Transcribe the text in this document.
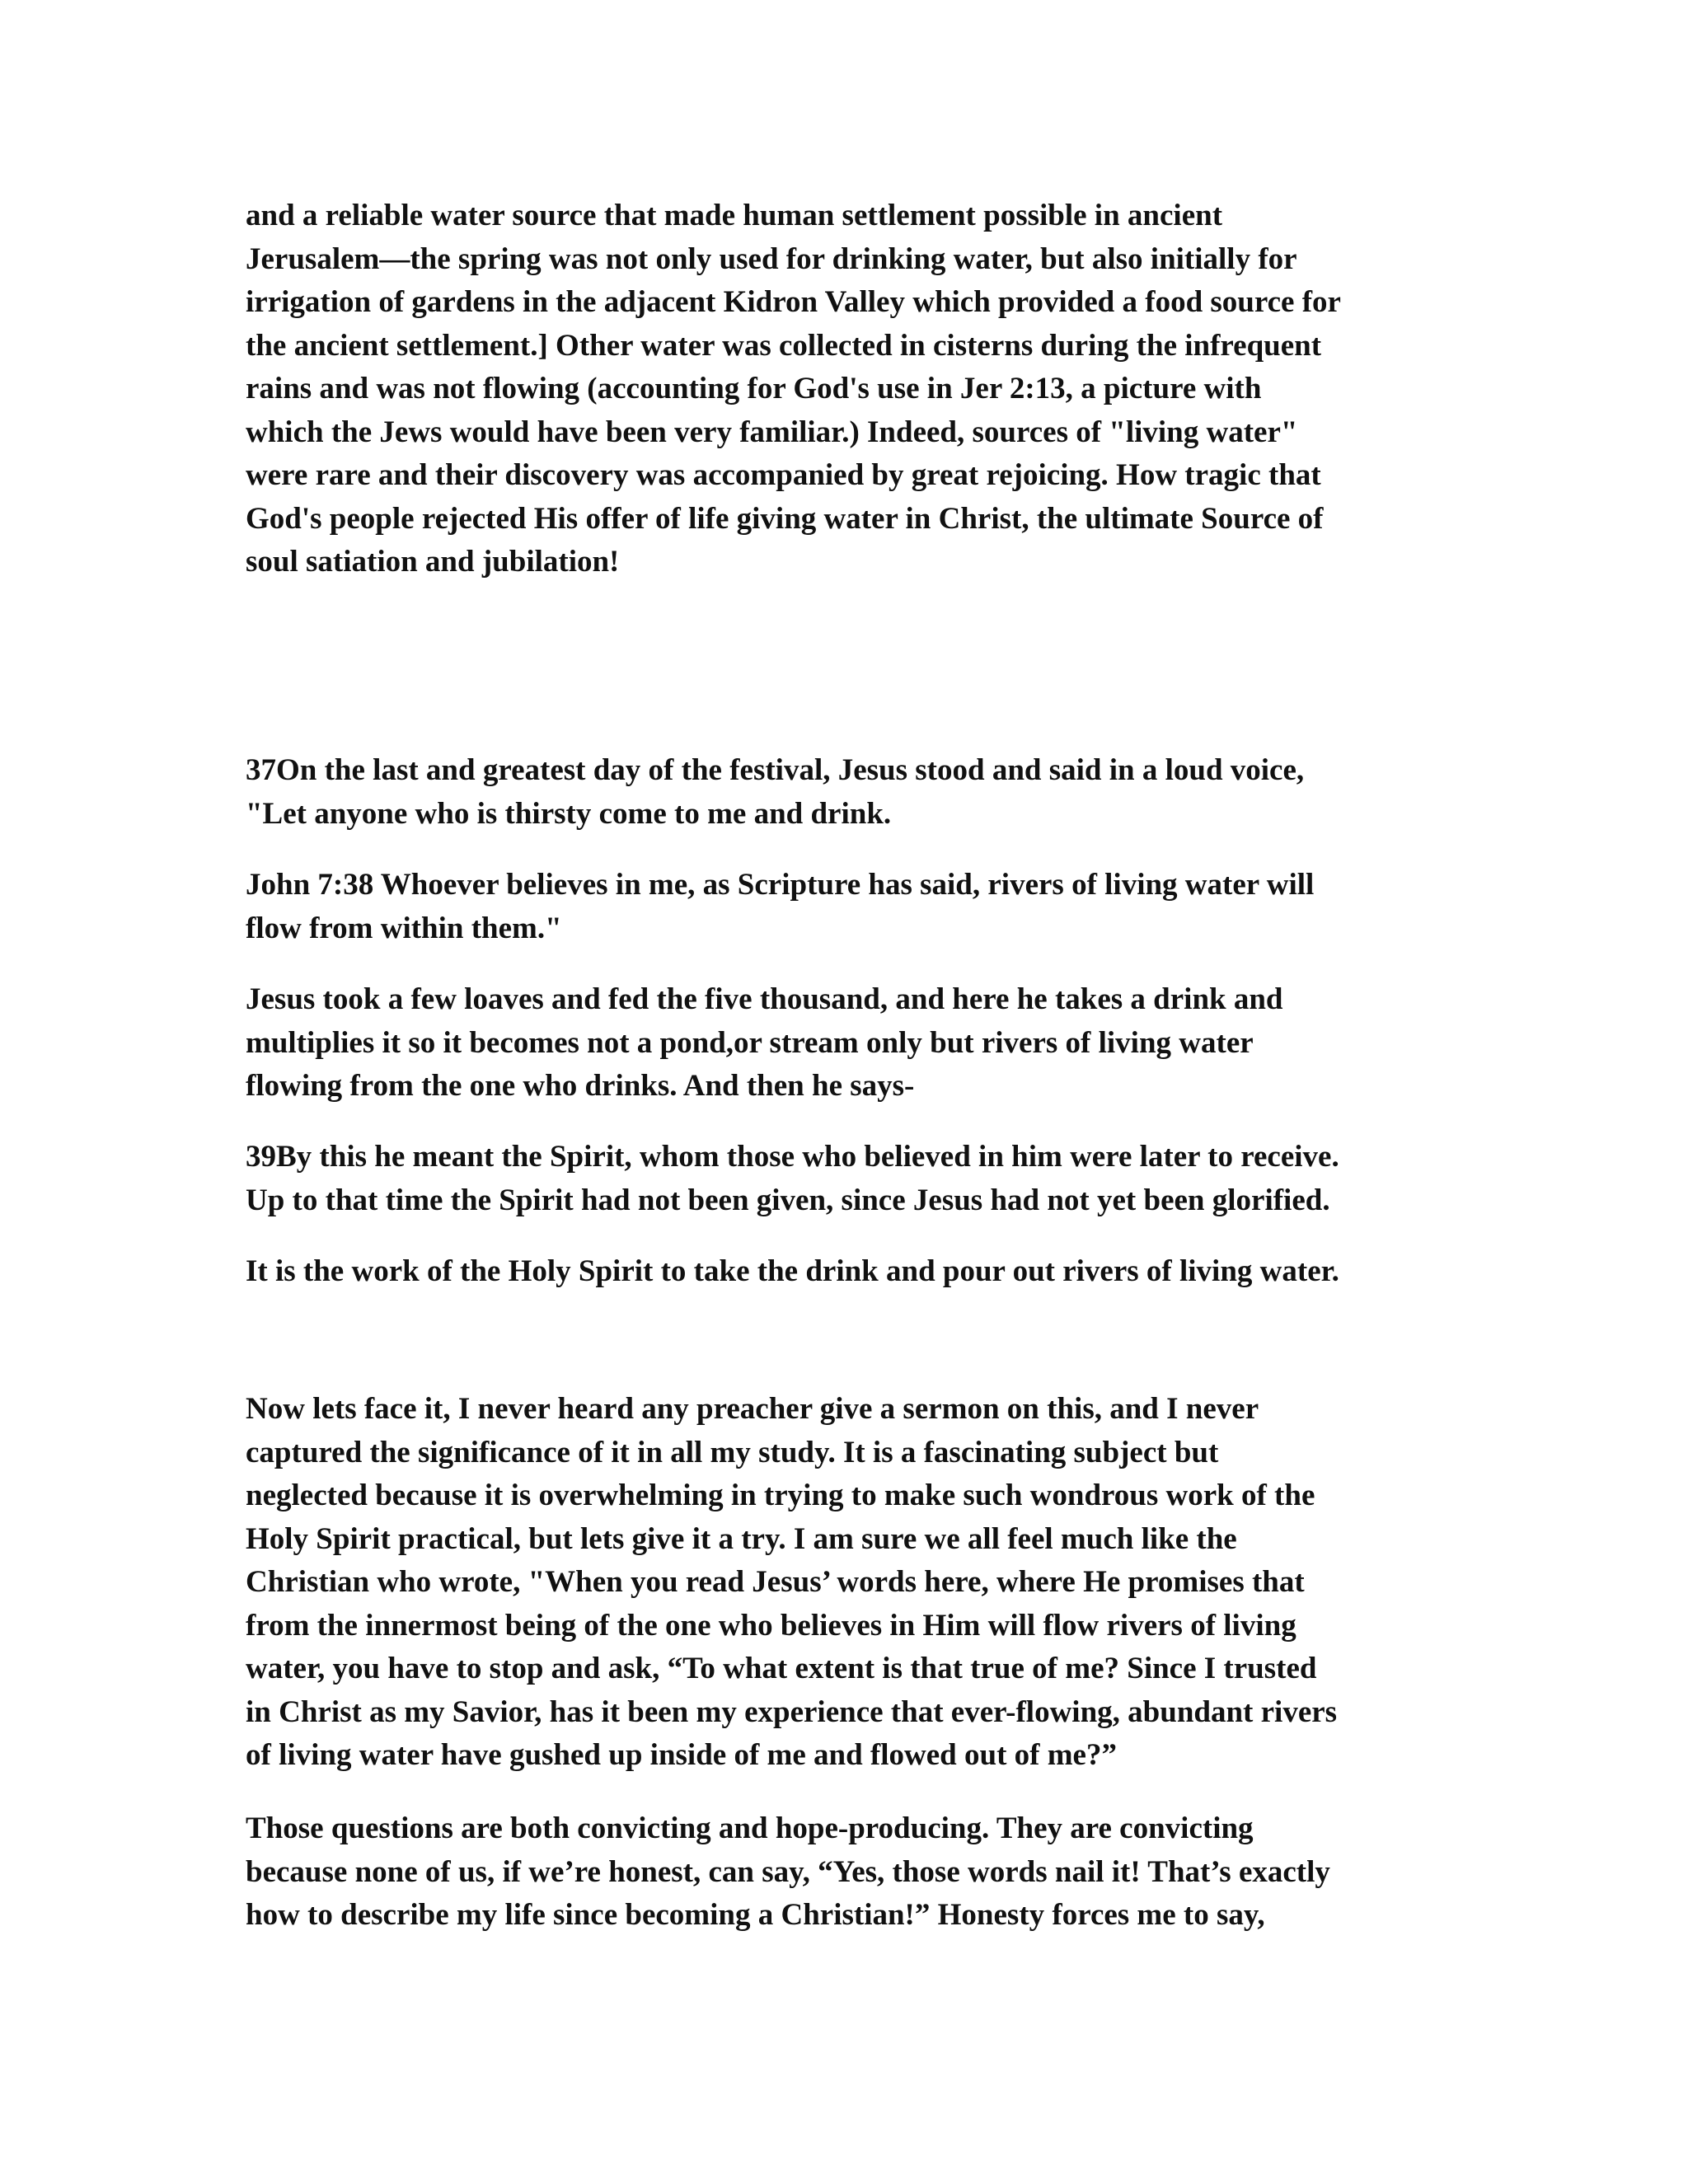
and a reliable water source that made human settlement possible in ancient
Jerusalem—the spring was not only used for drinking water, but also initially for
irrigation of gardens in the adjacent Kidron Valley which provided a food source for
the ancient settlement.] Other water was collected in cisterns during the infrequent
rains and was not flowing (accounting for God's use in Jer 2:13, a picture with
which the Jews would have been very familiar.) Indeed, sources of "living water"
were rare and their discovery was accompanied by great rejoicing. How tragic that
God's people rejected His offer of life giving water in Christ, the ultimate Source of
soul satiation and jubilation!

37On the last and greatest day of the festival, Jesus stood and said in a loud voice,
"Let anyone who is thirsty come to me and drink.

John 7:38 Whoever believes in me, as Scripture has said, rivers of living water will
flow from within them."

Jesus took a few loaves and fed the five thousand, and here he takes a drink and
multiplies it so it becomes not a pond,or stream only but rivers of living water
flowing from the one who drinks. And then he says-

39By this he meant the Spirit, whom those who believed in him were later to receive.
Up to that time the Spirit had not been given, since Jesus had not yet been glorified.

It is the work of the Holy Spirit to take the drink and pour out rivers of living water.

Now lets face it, I never heard any preacher give a sermon on this, and I never
captured the significance of it in all my study. It is a fascinating subject but
neglected because it is overwhelming in trying to make such wondrous work of the
Holy Spirit practical, but lets give it a try. I am sure we all feel much like the
Christian who wrote, "When you read Jesus’ words here, where He promises that
from the innermost being of the one who believes in Him will flow rivers of living
water, you have to stop and ask, “To what extent is that true of me? Since I trusted
in Christ as my Savior, has it been my experience that ever-flowing, abundant rivers
of living water have gushed up inside of me and flowed out of me?”

Those questions are both convicting and hope-producing. They are convicting
because none of us, if we’re honest, can say, “Yes, those words nail it! That’s exactly
how to describe my life since becoming a Christian!” Honesty forces me to say,
